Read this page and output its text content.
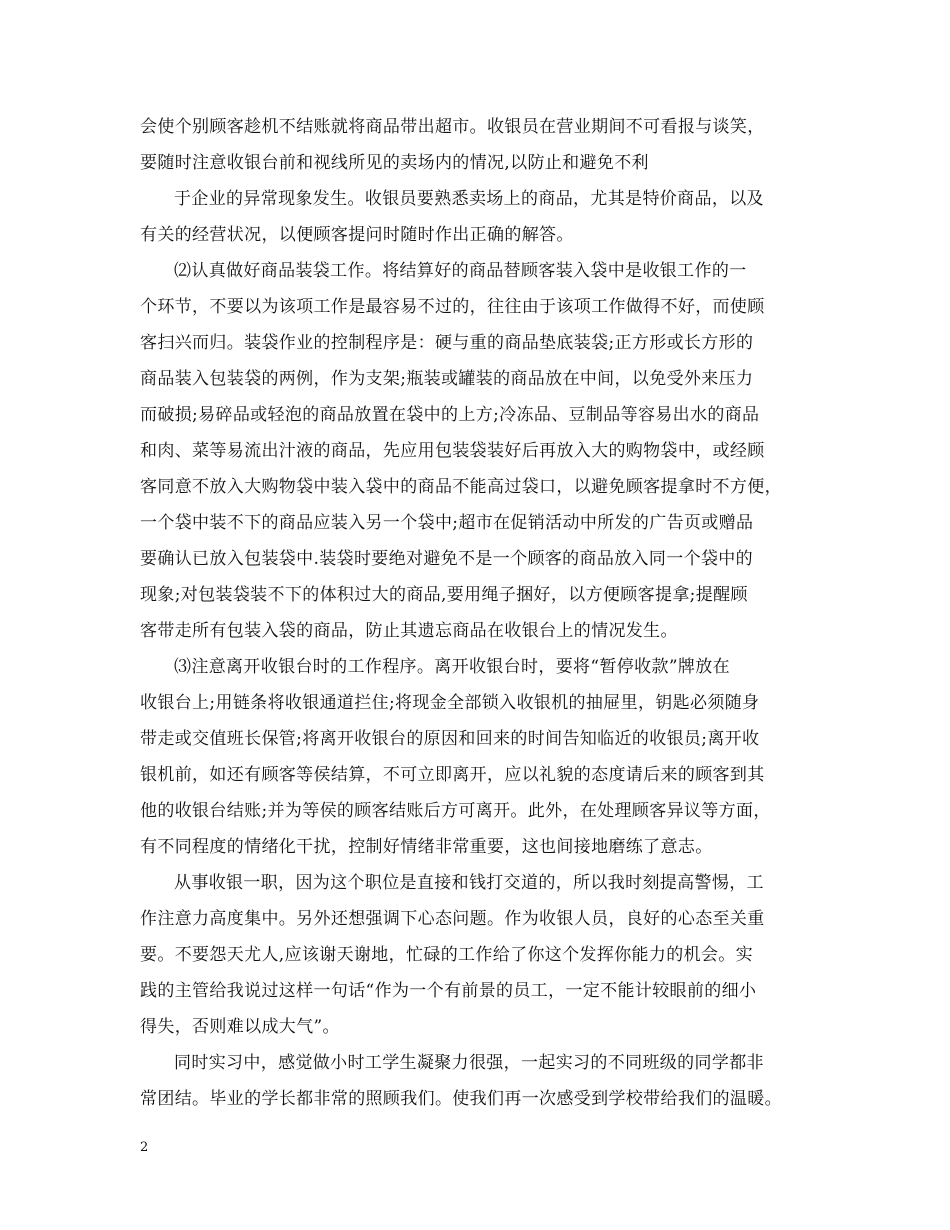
会使个别顾客趁机不结账就将商品带出超市。收银员在营业期间不可看报与谈笑，
要随时注意收银台前和视线所见的卖场内的情况,以防止和避免不利

于企业的异常现象发生。收银员要熟悉卖场上的商品，尤其是特价商品，以及
有关的经营状况，以便顾客提问时随时作出正确的解答。

⑵认真做好商品装袋工作。将结算好的商品替顾客装入袋中是收银工作的一
个环节，不要以为该项工作是最容易不过的，往往由于该项工作做得不好，而使顾
客扫兴而归。装袋作业的控制程序是：硬与重的商品垫底装袋;正方形或长方形的
商品装入包装袋的两例，作为支架;瓶装或罐装的商品放在中间，以免受外来压力
而破损;易碎品或轻泡的商品放置在袋中的上方;冷冻品、豆制品等容易出水的商品
和肉、菜等易流出汁液的商品，先应用包装袋装好后再放入大的购物袋中，或经顾
客同意不放入大购物袋中装入袋中的商品不能高过袋口，以避免顾客提拿时不方便，
一个袋中装不下的商品应装入另一个袋中;超市在促销活动中所发的广告页或赠品
要确认已放入包装袋中.装袋时要绝对避免不是一个顾客的商品放入同一个袋中的
现象;对包装袋装不下的体积过大的商品,要用绳子捆好，以方便顾客提拿;提醒顾
客带走所有包装入袋的商品，防止其遗忘商品在收银台上的情况发生。

⑶注意离开收银台时的工作程序。离开收银台时，要将“暂停收款”牌放在
收银台上;用链条将收银通道拦住;将现金全部锁入收银机的抽屉里，钥匙必须随身
带走或交值班长保管;将离开收银台的原因和回来的时间告知临近的收银员;离开收
银机前，如还有顾客等侯结算，不可立即离开，应以礼貌的态度请后来的顾客到其
他的收银台结账;并为等侯的顾客结账后方可离开。此外，在处理顾客异议等方面，
有不同程度的情绪化干扰，控制好情绪非常重要，这也间接地磨练了意志。

从事收银一职，因为这个职位是直接和钱打交道的，所以我时刻提高警惕，工
作注意力高度集中。另外还想强调下心态问题。作为收银人员，良好的心态至关重
要。不要怨天尤人,应该谢天谢地，忙碌的工作给了你这个发挥你能力的机会。实
践的主管给我说过这样一句话“作为一个有前景的员工，一定不能计较眼前的细小
得失，否则难以成大气”。

同时实习中，感觉做小时工学生凝聚力很强，一起实习的不同班级的同学都非
常团结。毕业的学长都非常的照顾我们。使我们再一次感受到学校带给我们的温暖。

2
